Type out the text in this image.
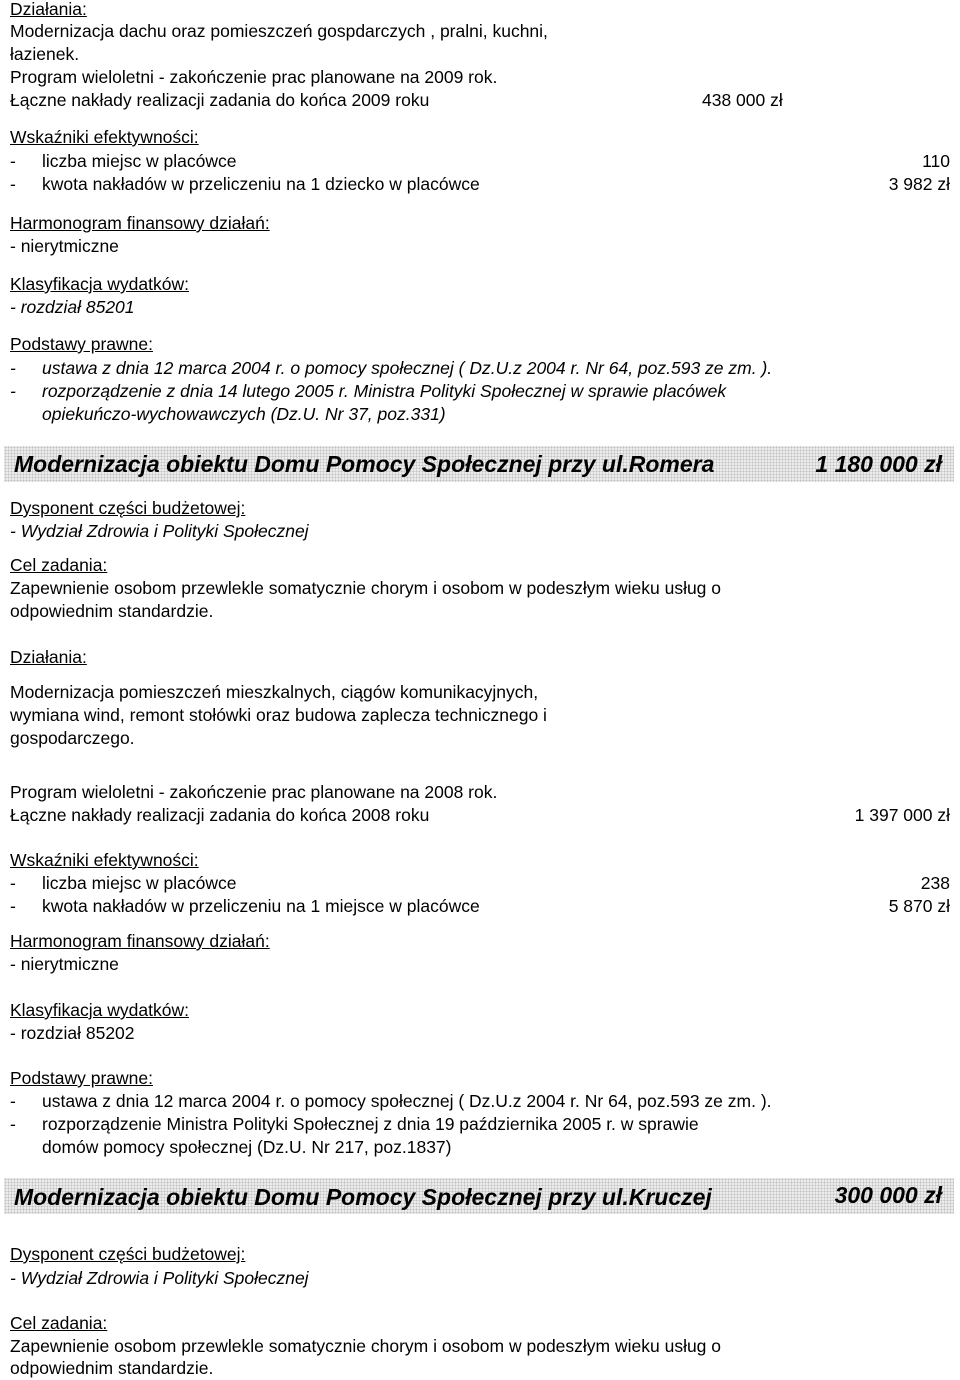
Działania:
Modernizacja dachu oraz pomieszczeń gospdarczych , pralni, kuchni,
łazienek.
Program wieloletni - zakończenie prac planowane na 2009 rok.
Łączne nakłady realizacji zadania do końca 2009 roku	438 000 zł
Wskaźniki efektywności:
- liczba miejsc w placówce	110
- kwota nakładów w przeliczeniu na 1 dziecko w placówce	3 982 zł
Harmonogram finansowy działań:
- nierytmiczne
Klasyfikacja wydatków:
- rozdział 85201
Podstawy prawne:
- ustawa z dnia 12 marca 2004 r. o pomocy społecznej ( Dz.U.z 2004 r. Nr 64, poz.593 ze zm. ).
- rozporządzenie z dnia 14 lutego 2005 r. Ministra Polityki Społecznej w sprawie placówek
opiekuńczo-wychowawczych (Dz.U. Nr 37, poz.331)
Modernizacja obiektu Domu Pomocy Społecznej przy ul.Romera	1 180 000 zł
Dysponent części budżetowej:
- Wydział Zdrowia i Polityki Społecznej
Cel zadania:
Zapewnienie osobom przewlekle somatycznie chorym i osobom w podeszłym wieku usług o
odpowiednim standardzie.
Działania:
Modernizacja pomieszczeń mieszkalnych, ciągów komunikacyjnych,
wymiana wind, remont stołówki oraz budowa zaplecza technicznego i
gospodarczego.
Program wieloletni - zakończenie prac planowane na 2008 rok.
Łączne nakłady realizacji zadania do końca 2008 roku	1 397 000 zł
Wskaźniki efektywności:
- liczba miejsc w placówce	238
- kwota nakładów w przeliczeniu na 1 miejsce w placówce	5 870 zł
Harmonogram finansowy działań:
- nierytmiczne
Klasyfikacja wydatków:
- rozdział 85202
Podstawy prawne:
- ustawa z dnia 12 marca 2004 r. o pomocy społecznej ( Dz.U.z 2004 r. Nr 64, poz.593 ze zm. ).
- rozporządzenie Ministra Polityki Społecznej z dnia 19 października 2005 r. w sprawie
domów pomocy społecznej (Dz.U. Nr 217, poz.1837)
Modernizacja obiektu Domu Pomocy Społecznej przy ul.Kruczej	300 000 zł
Dysponent części budżetowej:
- Wydział Zdrowia i Polityki Społecznej
Cel zadania:
Zapewnienie osobom przewlekle somatycznie chorym i osobom w podeszłym wieku usług o
odpowiednim standardzie.
